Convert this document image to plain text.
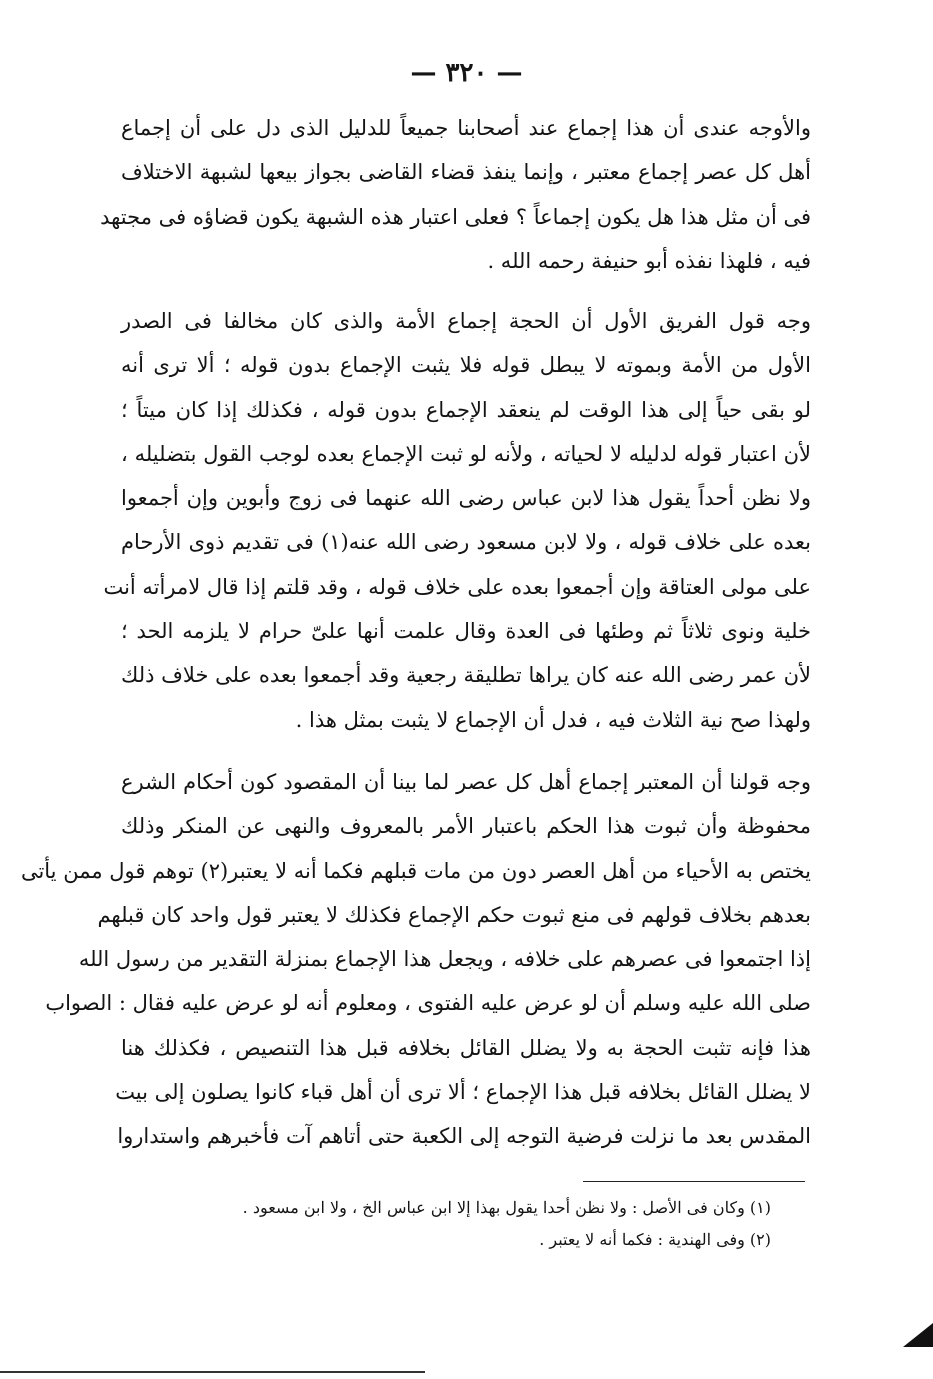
— ٣٢٠ —
والأوجه عندى أن هذا إجماع عند أصحابنا جميعاً للدليل الذى دل على أن إجماع
أهل كل عصر إجماع معتبر ، وإنما ينفذ قضاء القاضى بجواز بيعها لشبهة الاختلاف
فى أن مثل هذا هل يكون إجماعاً ؟ فعلى اعتبار هذه الشبهة يكون قضاؤه فى مجتهد
فيه ، فلهذا نفذه أبو حنيفة رحمه الله .
وجه قول الفريق الأول أن الحجة إجماع الأمة والذى كان مخالفا فى الصدر
الأول من الأمة وبموته لا يبطل قوله فلا يثبت الإجماع بدون قوله ؛ ألا ترى أنه
لو بقى حياً إلى هذا الوقت لم ينعقد الإجماع بدون قوله ، فكذلك إذا كان ميتاً ؛
لأن اعتبار قوله لدليله لا لحياته ، ولأنه لو ثبت الإجماع بعده لوجب القول بتضليله ،
ولا نظن أحداً يقول هذا لابن عباس رضى الله عنهما فى زوج وأبوين وإن أجمعوا
بعده على خلاف قوله ، ولا لابن مسعود رضى الله عنه(١) فى تقديم ذوى الأرحام
على مولى العتاقة وإن أجمعوا بعده على خلاف قوله ، وقد قلتم إذا قال لامرأته أنت
خلية ونوى ثلاثاً ثم وطئها فى العدة وقال علمت أنها علىّ حرام لا يلزمه الحد ؛
لأن عمر رضى الله عنه كان يراها تطليقة رجعية وقد أجمعوا بعده على خلاف ذلك
ولهذا صح نية الثلاث فيه ، فدل أن الإجماع لا يثبت بمثل هذا .
وجه قولنا أن المعتبر إجماع أهل كل عصر لما بينا أن المقصود كون أحكام الشرع
محفوظة وأن ثبوت هذا الحكم باعتبار الأمر بالمعروف والنهى عن المنكر وذلك
يختص به الأحياء من أهل العصر دون من مات قبلهم فكما أنه لا يعتبر(٢) توهم قول ممن يأتى
بعدهم بخلاف قولهم فى منع ثبوت حكم الإجماع فكذلك لا يعتبر قول واحد كان قبلهم
إذا اجتمعوا فى عصرهم على خلافه ، ويجعل هذا الإجماع بمنزلة التقدير من رسول الله
صلى الله عليه وسلم أن لو عرض عليه الفتوى ، ومعلوم أنه لو عرض عليه فقال : الصواب
هذا فإنه تثبت الحجة به ولا يضلل القائل بخلافه قبل هذا التنصيص ، فكذلك هنا
لا يضلل القائل بخلافه قبل هذا الإجماع ؛ ألا ترى أن أهل قباء كانوا يصلون إلى بيت
المقدس بعد ما نزلت فرضية التوجه إلى الكعبة حتى أتاهم آت فأخبرهم واستداروا
(١) وكان فى الأصل : ولا نظن أحدا يقول بهذا إلا ابن عباس الخ ، ولا ابن مسعود .
(٢) وفى الهندية : فكما أنه لا يعتبر .
